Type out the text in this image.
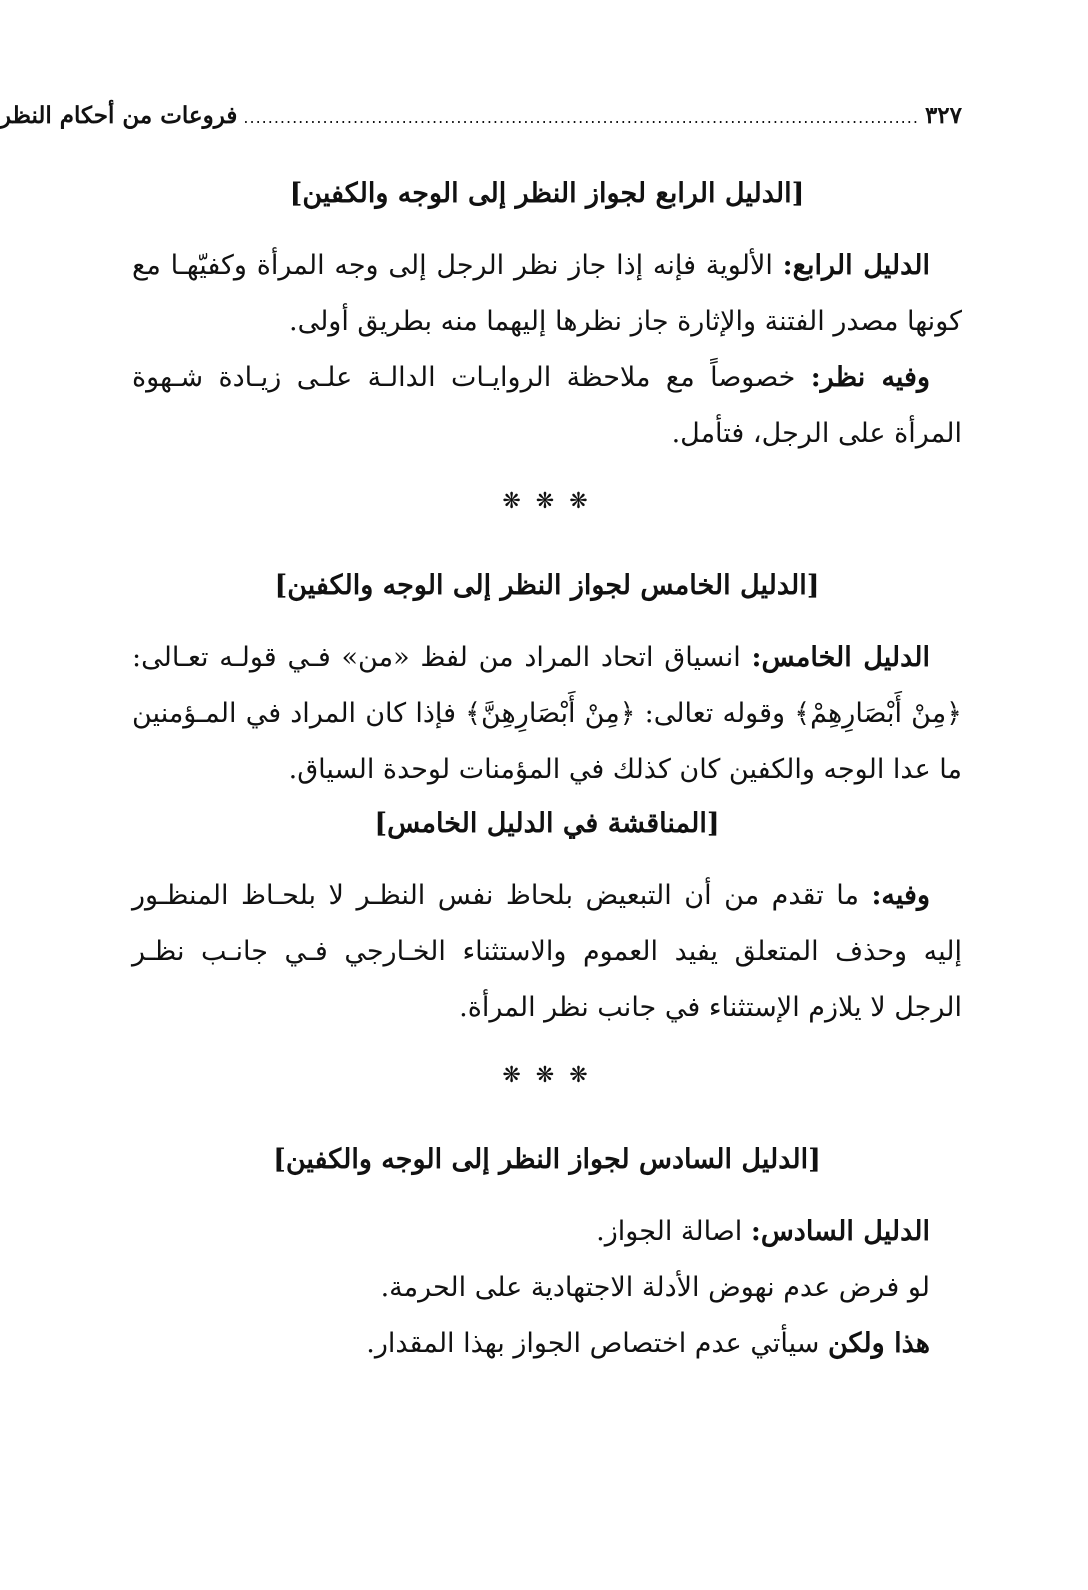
٣٢٧
...............................................................................................................
فروعات من أحكام النظر
[الدليل الرابع لجواز النظر إلى الوجه والكفين]

الدليل الرابع: الألوية فإنه إذا جاز نظر الرجل إلى وجه المرأة وكفيّهـا مع كونها مصدر الفتنة والإثارة جاز نظرها إليهما منه بطريق أولى.

وفيه نظر: خصوصاً مع ملاحظة الروايـات الدالـة علـى زيـادة شـهوة المرأة على الرجل، فتأمل.

❋ ❋ ❋

[الدليل الخامس لجواز النظر إلى الوجه والكفين]

الدليل الخامس: انسياق اتحاد المراد من لفظ «من» فـي قولـه تعـالى: ﴿مِنْ أَبْصَارِهِمْ﴾ وقوله تعالى: ﴿مِنْ أَبْصَارِهِنَّ﴾ فإذا كان المراد في المـؤمنين ما عدا الوجه والكفين كان كذلك في المؤمنات لوحدة السياق.

[المناقشة في الدليل الخامس]

وفيه: ما تقدم من أن التبعيض بلحاظ نفس النظـر لا بلحـاظ المنظـور إليه وحذف المتعلق يفيد العموم والاستثناء الخـارجي فـي جانـب نظـر الرجل لا يلازم الإستثناء في جانب نظر المرأة.

❋ ❋ ❋

[الدليل السادس لجواز النظر إلى الوجه والكفين]

الدليل السادس: اصالة الجواز.

لو فرض عدم نهوض الأدلة الاجتهادية على الحرمة.

هذا ولكن سيأتي عدم اختصاص الجواز بهذا المقدار.
